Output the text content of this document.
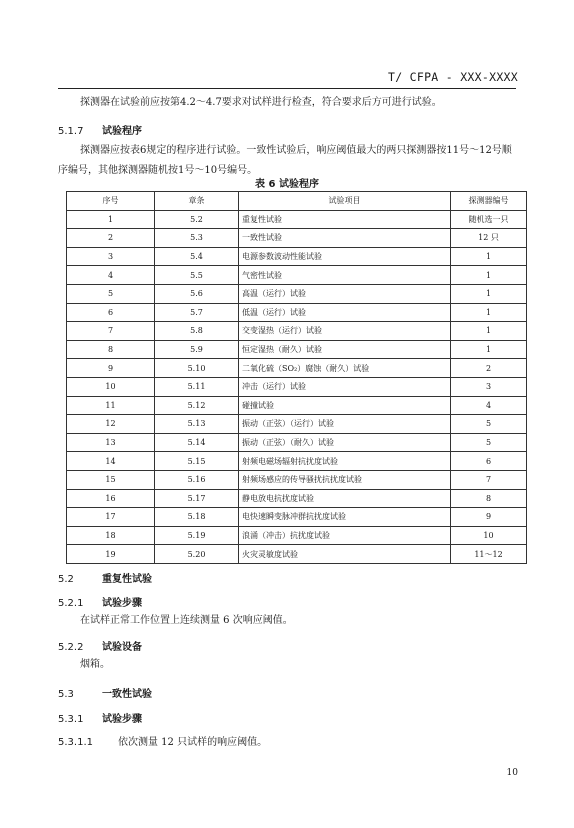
T/ CFPA - XXX-XXXX
探测器在试验前应按第4.2～4.7要求对试样进行检查，符合要求后方可进行试验。
5.1.7 试验程序
探测器应按表6规定的程序进行试验。一致性试验后，响应阈值最大的两只探测器按11号～12号顺序编号，其他探测器随机按1号～10号编号。
表 6 试验程序
序号	章条	试验项目	探测器编号
1	5.2	重复性试验	随机选一只
2	5.3	一致性试验	12 只
3	5.4	电源参数波动性能试验	1
4	5.5	气密性试验	1
5	5.6	高温（运行）试验	1
6	5.7	低温（运行）试验	1
7	5.8	交变湿热（运行）试验	1
8	5.9	恒定湿热（耐久）试验	1
9	5.10	二氧化硫（SO₂）腐蚀（耐久）试验	2
10	5.11	冲击（运行）试验	3
11	5.12	碰撞试验	4
12	5.13	振动（正弦）（运行）试验	5
13	5.14	振动（正弦）（耐久）试验	5
14	5.15	射频电磁场辐射抗扰度试验	6
15	5.16	射频场感应的传导骚扰抗扰度试验	7
16	5.17	静电放电抗扰度试验	8
17	5.18	电快速瞬变脉冲群抗扰度试验	9
18	5.19	浪涌（冲击）抗扰度试验	10
19	5.20	火灾灵敏度试验	11～12
5.2	重复性试验
5.2.1 试验步骤
在试样正常工作位置上连续测量 6 次响应阈值。
5.2.2 试验设备
烟箱。
5.3	一致性试验
5.3.1 试验步骤
5.3.1.1	依次测量 12 只试样的响应阈值。
10
